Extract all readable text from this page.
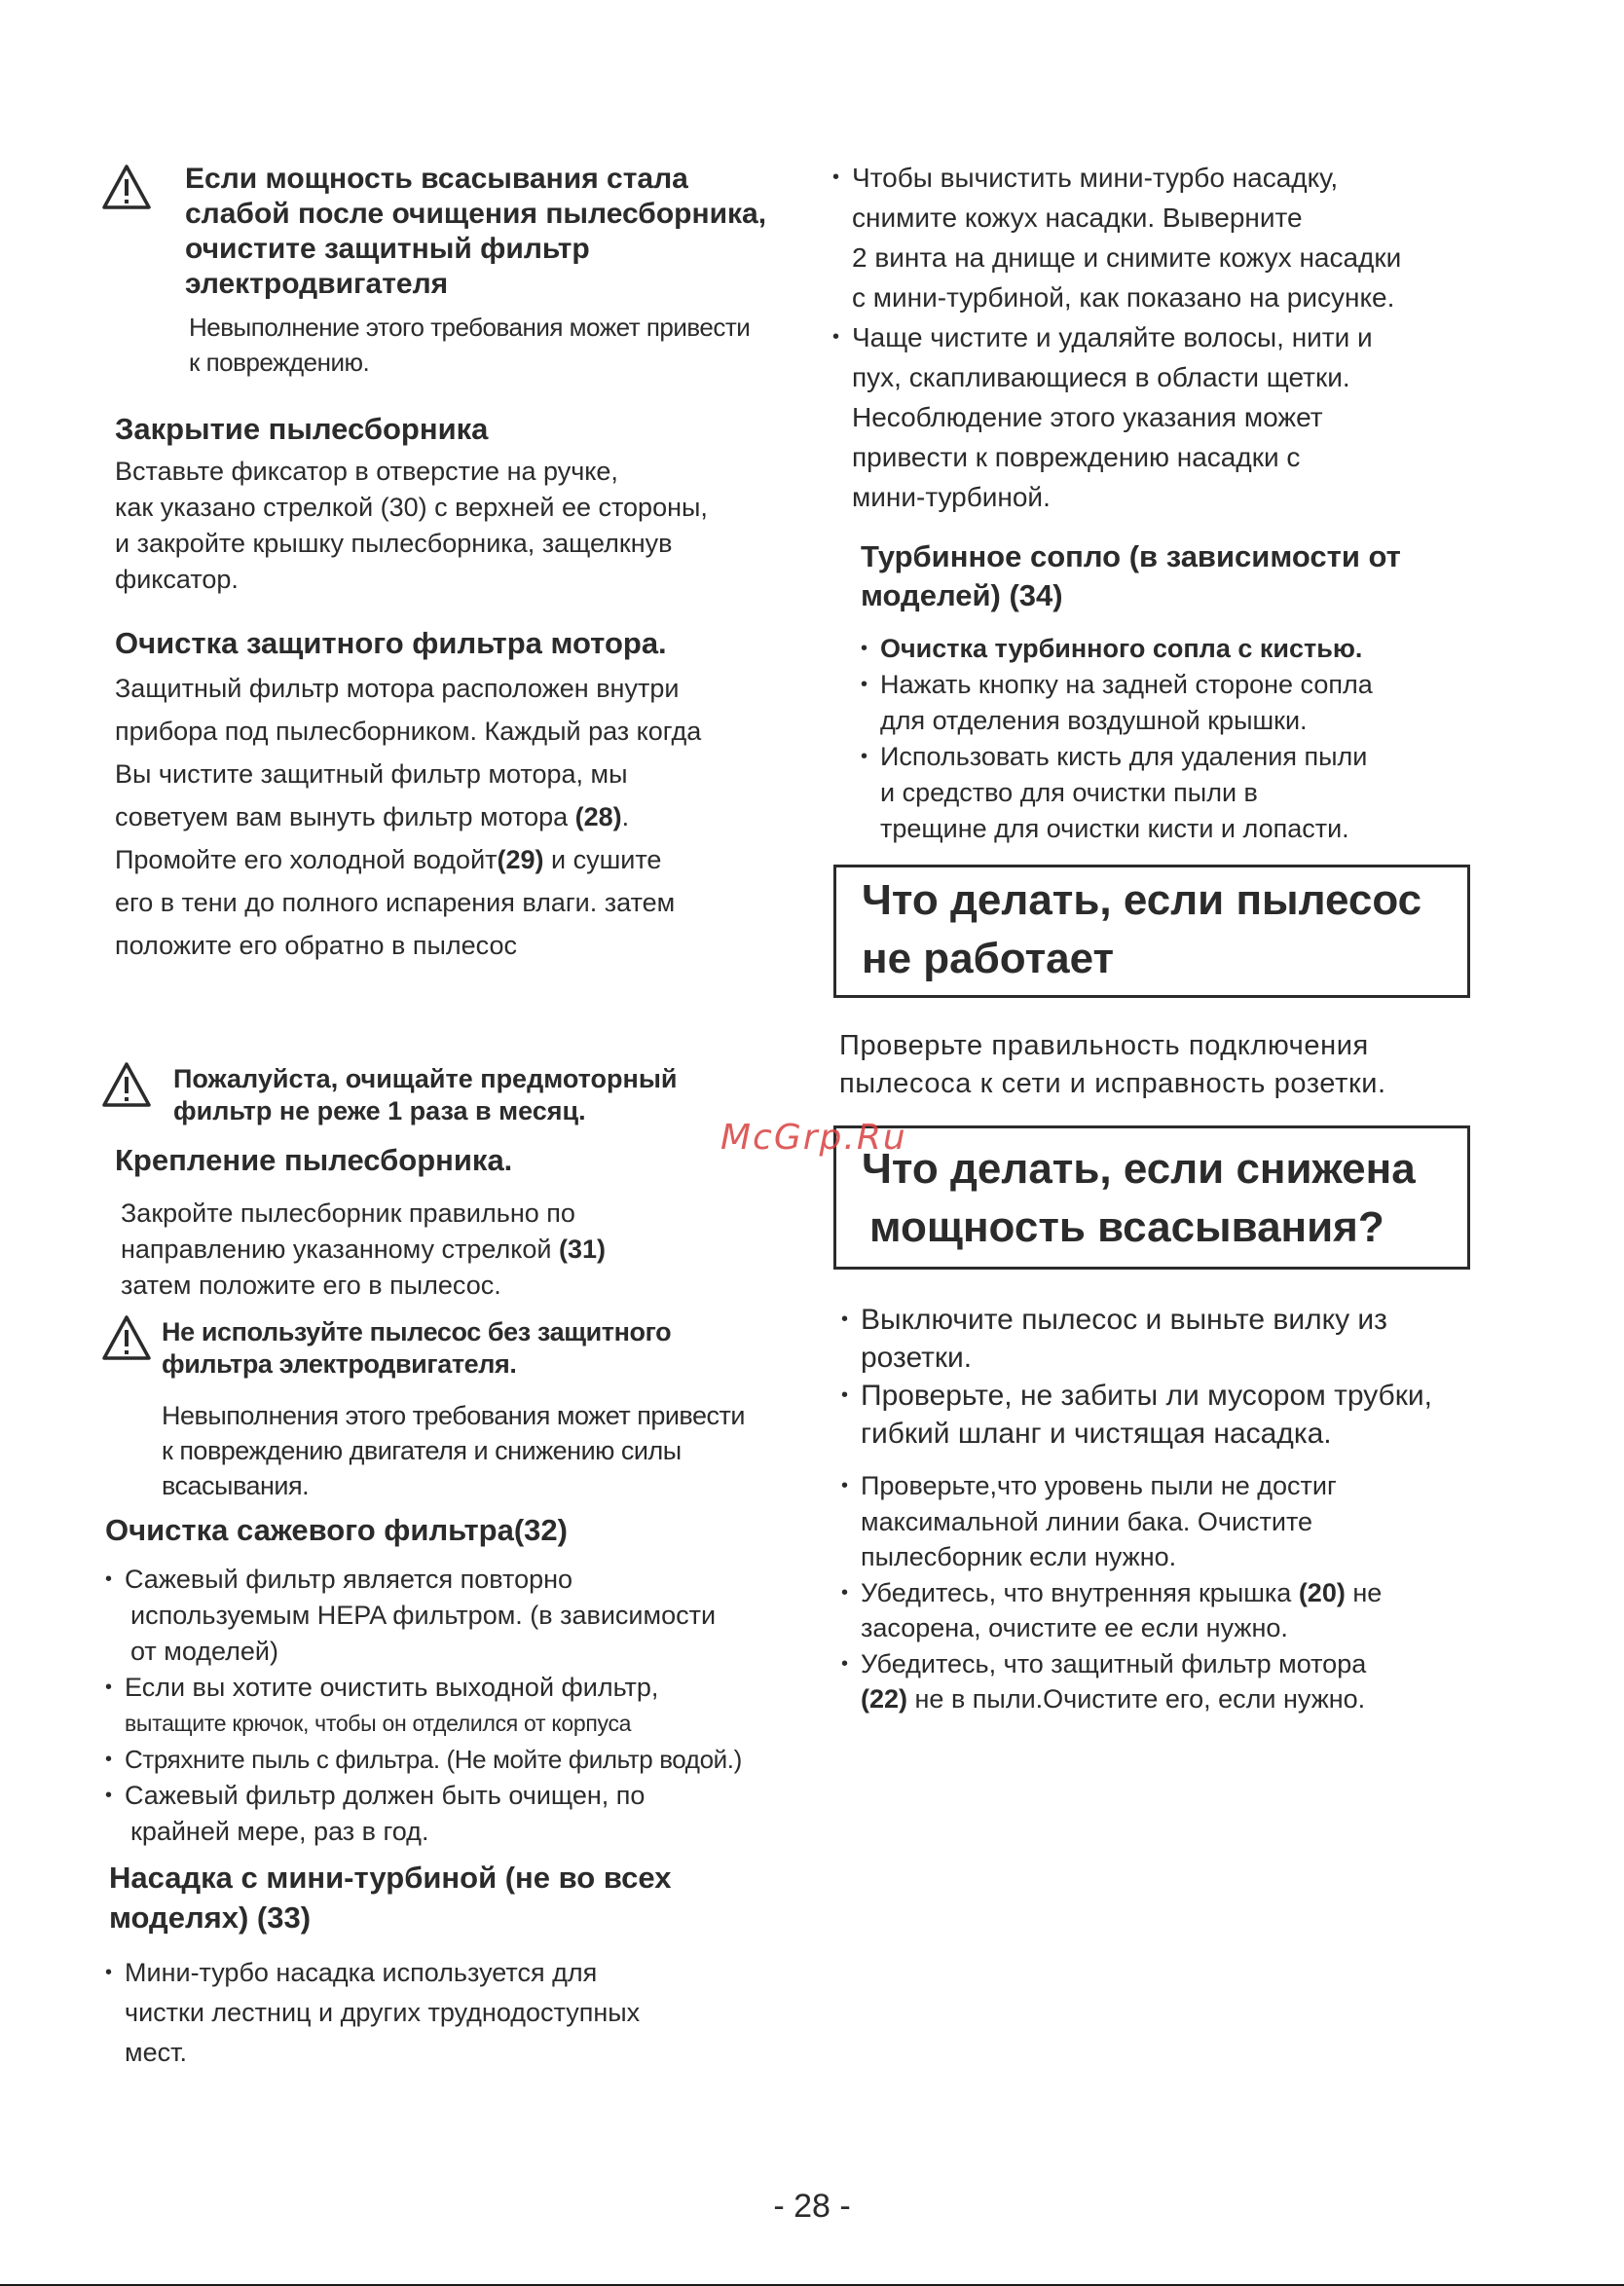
Если мощность всасывания стала
слабой после очищения пылесборника,
очистите защитный фильтр
электродвигателя
Невыполнение этого требования может привести
к повреждению.
Закрытие пылесборника
Вставьте фиксатор в отверстие на ручке,
как указано стрелкой (30) с верхней ее стороны,
и закройте крышку пылесборника, защелкнув
фиксатор.
Очистка защитного фильтра мотора.
Защитный фильтр мотора расположен внутри
прибора под пылесборником. Каждый раз когда
Вы чистите защитный фильтр мотора, мы
советуем вам вынуть фильтр мотора (28).
Промойте его холодной водойт(29) и сушите
его в тени до полного испарения влаги. затем
положите его обратно в пылесос
Пожалуйста, очищайте предмоторный
фильтр не реже 1 раза в месяц.
Крепление пылесборника.
Закройте пылесборник правильно по
направлению указанному стрелкой (31)
затем положите его в пылесос.
Не используйте пылесос без защитного
фильтра электродвигателя.
Невыполнения этого требования может привести
к повреждению двигателя и снижению силы
всасывания.
Очистка сажевого фильтра(32)
• Сажевый фильтр является повторно
используемым HEPA фильтром. (в зависимости
от моделей)
• Если вы хотите очистить выходной фильтр,
вытащите крючок, чтобы он отделился от корпуса
• Стряхните пыль с фильтра. (Не мойте фильтр водой.)
• Сажевый фильтр должен быть очищен, по
крайней мере, раз в год.
Насадка с мини-турбиной (не во всех
моделях) (33)
• Мини-турбо насадка используется для
чистки лестниц и других труднодоступных
мест.
• Чтобы вычистить мини-турбо насадку,
снимите кожух насадки. Выверните
2 винта на днище и снимите кожух насадки
с мини-турбиной, как показано на рисунке.
• Чаще чистите и удаляйте волосы, нити и
пух, скапливающиеся в области щетки.
Несоблюдение этого указания может
привести к повреждению насадки с
мини-турбиной.
Турбинное сопло (в зависимости от
моделей) (34)
• Очистка турбинного сопла с кистью.
• Нажать кнопку на задней стороне сопла
для отделения воздушной крышки.
• Использовать кисть для удаления пыли
и средство для очистки пыли в
трещине для очистки кисти и лопасти.
Что делать, если пылесос
не работает
Проверьте правильность подключения
пылесоса к сети и исправность розетки.
Что делать, если снижена
мощность всасывания?
• Выключите пылесос и выньте вилку из
розетки.
• Проверьте, не забиты ли мусором трубки,
гибкий шланг и чистящая насадка.
• Проверьте,что уровень пыли не достиг
максимальной линии бака. Очистите
пылесборник если нужно.
• Убедитесь, что внутренняя крышка (20) не
засорена, очистите ее если нужно.
• Убедитесь, что защитный фильтр мотора
(22) не в пыли.Очистите его, если нужно.
McGrp.Ru
- 28 -
